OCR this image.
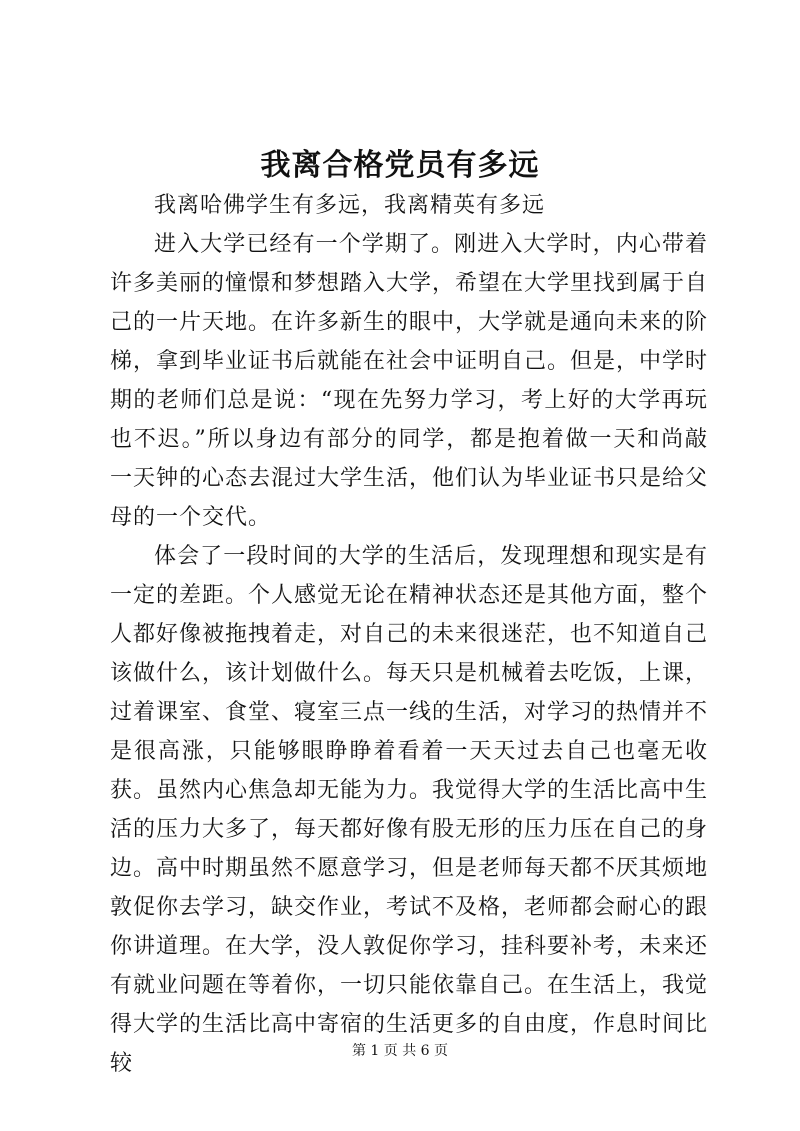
我离合格党员有多远

我离哈佛学生有多远，我离精英有多远

进入大学已经有一个学期了。刚进入大学时，内心带着许多美丽的憧憬和梦想踏入大学，希望在大学里找到属于自己的一片天地。在许多新生的眼中，大学就是通向未来的阶梯，拿到毕业证书后就能在社会中证明自己。但是，中学时期的老师们总是说：“现在先努力学习，考上好的大学再玩也不迟。”所以身边有部分的同学，都是抱着做一天和尚敲一天钟的心态去混过大学生活，他们认为毕业证书只是给父母的一个交代。

体会了一段时间的大学的生活后，发现理想和现实是有一定的差距。个人感觉无论在精神状态还是其他方面，整个人都好像被拖拽着走，对自己的未来很迷茫，也不知道自己该做什么，该计划做什么。每天只是机械着去吃饭，上课，过着课室、食堂、寝室三点一线的生活，对学习的热情并不是很高涨，只能够眼睁睁着看着一天天过去自己也毫无收获。虽然内心焦急却无能为力。我觉得大学的生活比高中生活的压力大多了，每天都好像有股无形的压力压在自己的身边。高中时期虽然不愿意学习，但是老师每天都不厌其烦地敦促你去学习，缺交作业，考试不及格，老师都会耐心的跟你讲道理。在大学，没人敦促你学习，挂科要补考，未来还有就业问题在等着你，一切只能依靠自己。在生活上，我觉得大学的生活比高中寄宿的生活更多的自由度，作息时间比较	第 1 页 共 6 页
